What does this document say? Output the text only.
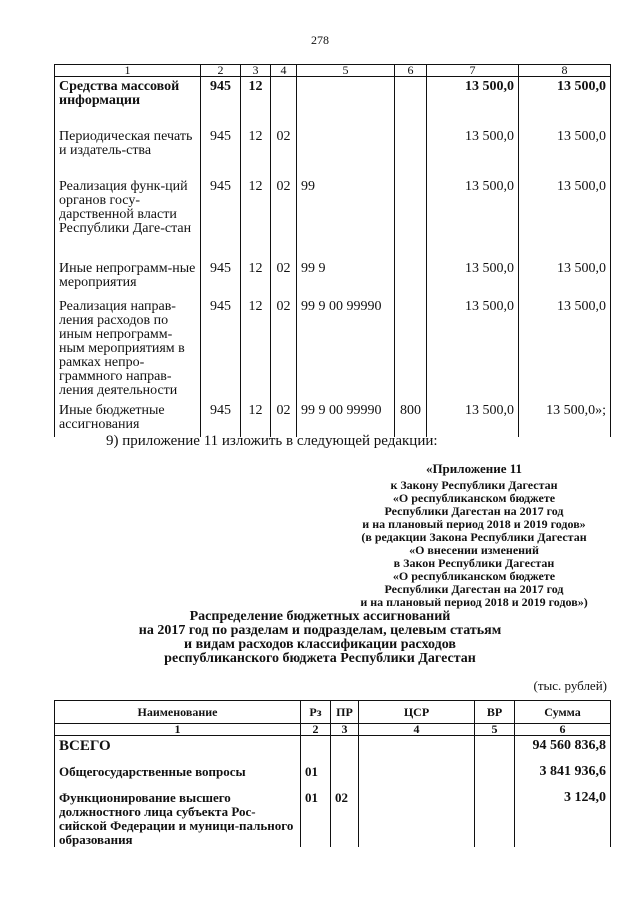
278
1	2	3	4	5	6	7	8
Средства массовой информации	945	12				13 500,0	13 500,0
Периодическая печать и издатель-ства	945	12	02			13 500,0	13 500,0
Реализация функ-ций органов госу-дарственной власти Республики Даге-стан	945	12	02	99		13 500,0	13 500,0
Иные непрограмм-ные мероприятия	945	12	02	99 9		13 500,0	13 500,0
Реализация направ-ления расходов по иным непрограмм-ным мероприятиям в рамках непро-граммного направ-ления деятельности	945	12	02	99 9 00 99990		13 500,0	13 500,0
Иные бюджетные ассигнования	945	12	02	99 9 00 99990	800	13 500,0	13 500,0»;
9) приложение 11 изложить в следующей редакции:
«Приложение 11
к Закону Республики Дагестан
«О республиканском бюджете
Республики Дагестан на 2017 год
и на плановый период 2018 и 2019 годов»
(в редакции Закона Республики Дагестан
«О внесении изменений
в Закон Республики Дагестан
«О республиканском бюджете
Республики Дагестан на 2017 год
и на плановый период 2018 и 2019 годов»)
Распределение бюджетных ассигнований
на 2017 год по разделам и подразделам, целевым статьям
и видам расходов классификации расходов
республиканского бюджета Республики Дагестан
(тыс. рублей)
Наименование	Рз	ПР	ЦСР	ВР	Сумма
1	2	3	4	5	6
ВСЕГО					94 560 836,8
Общегосударственные вопросы	01				3 841 936,6
Функционирование высшего должностного лица субъекта Рос-сийской Федерации и муници-пального образования	01	02			3 124,0
